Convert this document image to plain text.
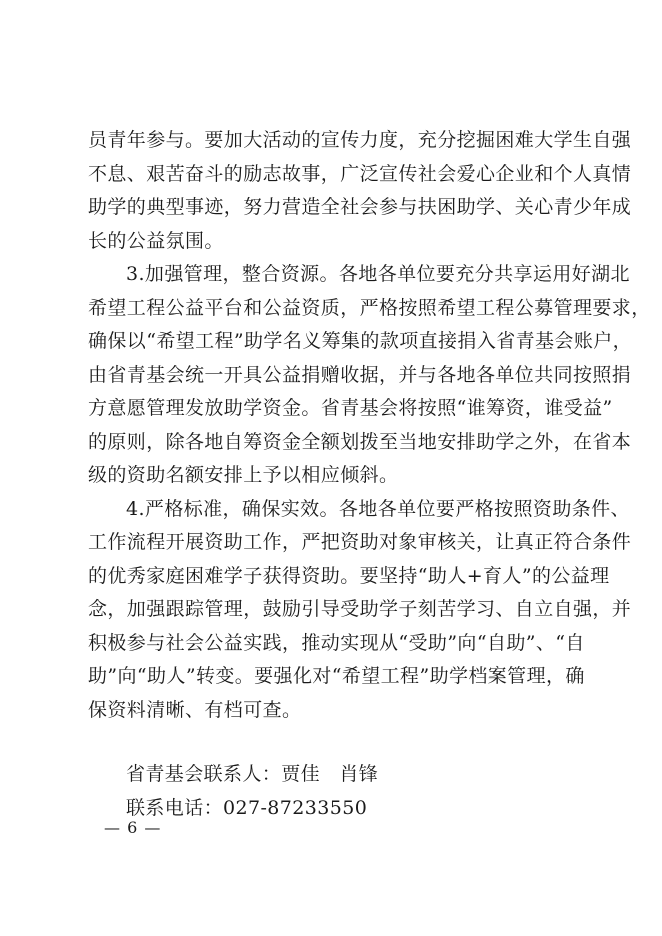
员青年参与。要加大活动的宣传力度，充分挖掘困难大学生自强
不息、艰苦奋斗的励志故事，广泛宣传社会爱心企业和个人真情
助学的典型事迹，努力营造全社会参与扶困助学、关心青少年成
长的公益氛围。
3.加强管理，整合资源。各地各单位要充分共享运用好湖北
希望工程公益平台和公益资质，严格按照希望工程公募管理要求，
确保以“希望工程”助学名义筹集的款项直接捐入省青基会账户，
由省青基会统一开具公益捐赠收据，并与各地各单位共同按照捐
方意愿管理发放助学资金。省青基会将按照“谁筹资，谁受益”
的原则，除各地自筹资金全额划拨至当地安排助学之外，在省本
级的资助名额安排上予以相应倾斜。
4.严格标准，确保实效。各地各单位要严格按照资助条件、
工作流程开展资助工作，严把资助对象审核关，让真正符合条件
的优秀家庭困难学子获得资助。要坚持“助人+育人”的公益理
念，加强跟踪管理，鼓励引导受助学子刻苦学习、自立自强，并
积极参与社会公益实践，推动实现从“受助”向“自助”、“自
助”向“助人”转变。要强化对“希望工程”助学档案管理，确
保资料清晰、有档可查。
省青基会联系人：贾佳　肖锋
联系电话：027-87233550
— 6 —
